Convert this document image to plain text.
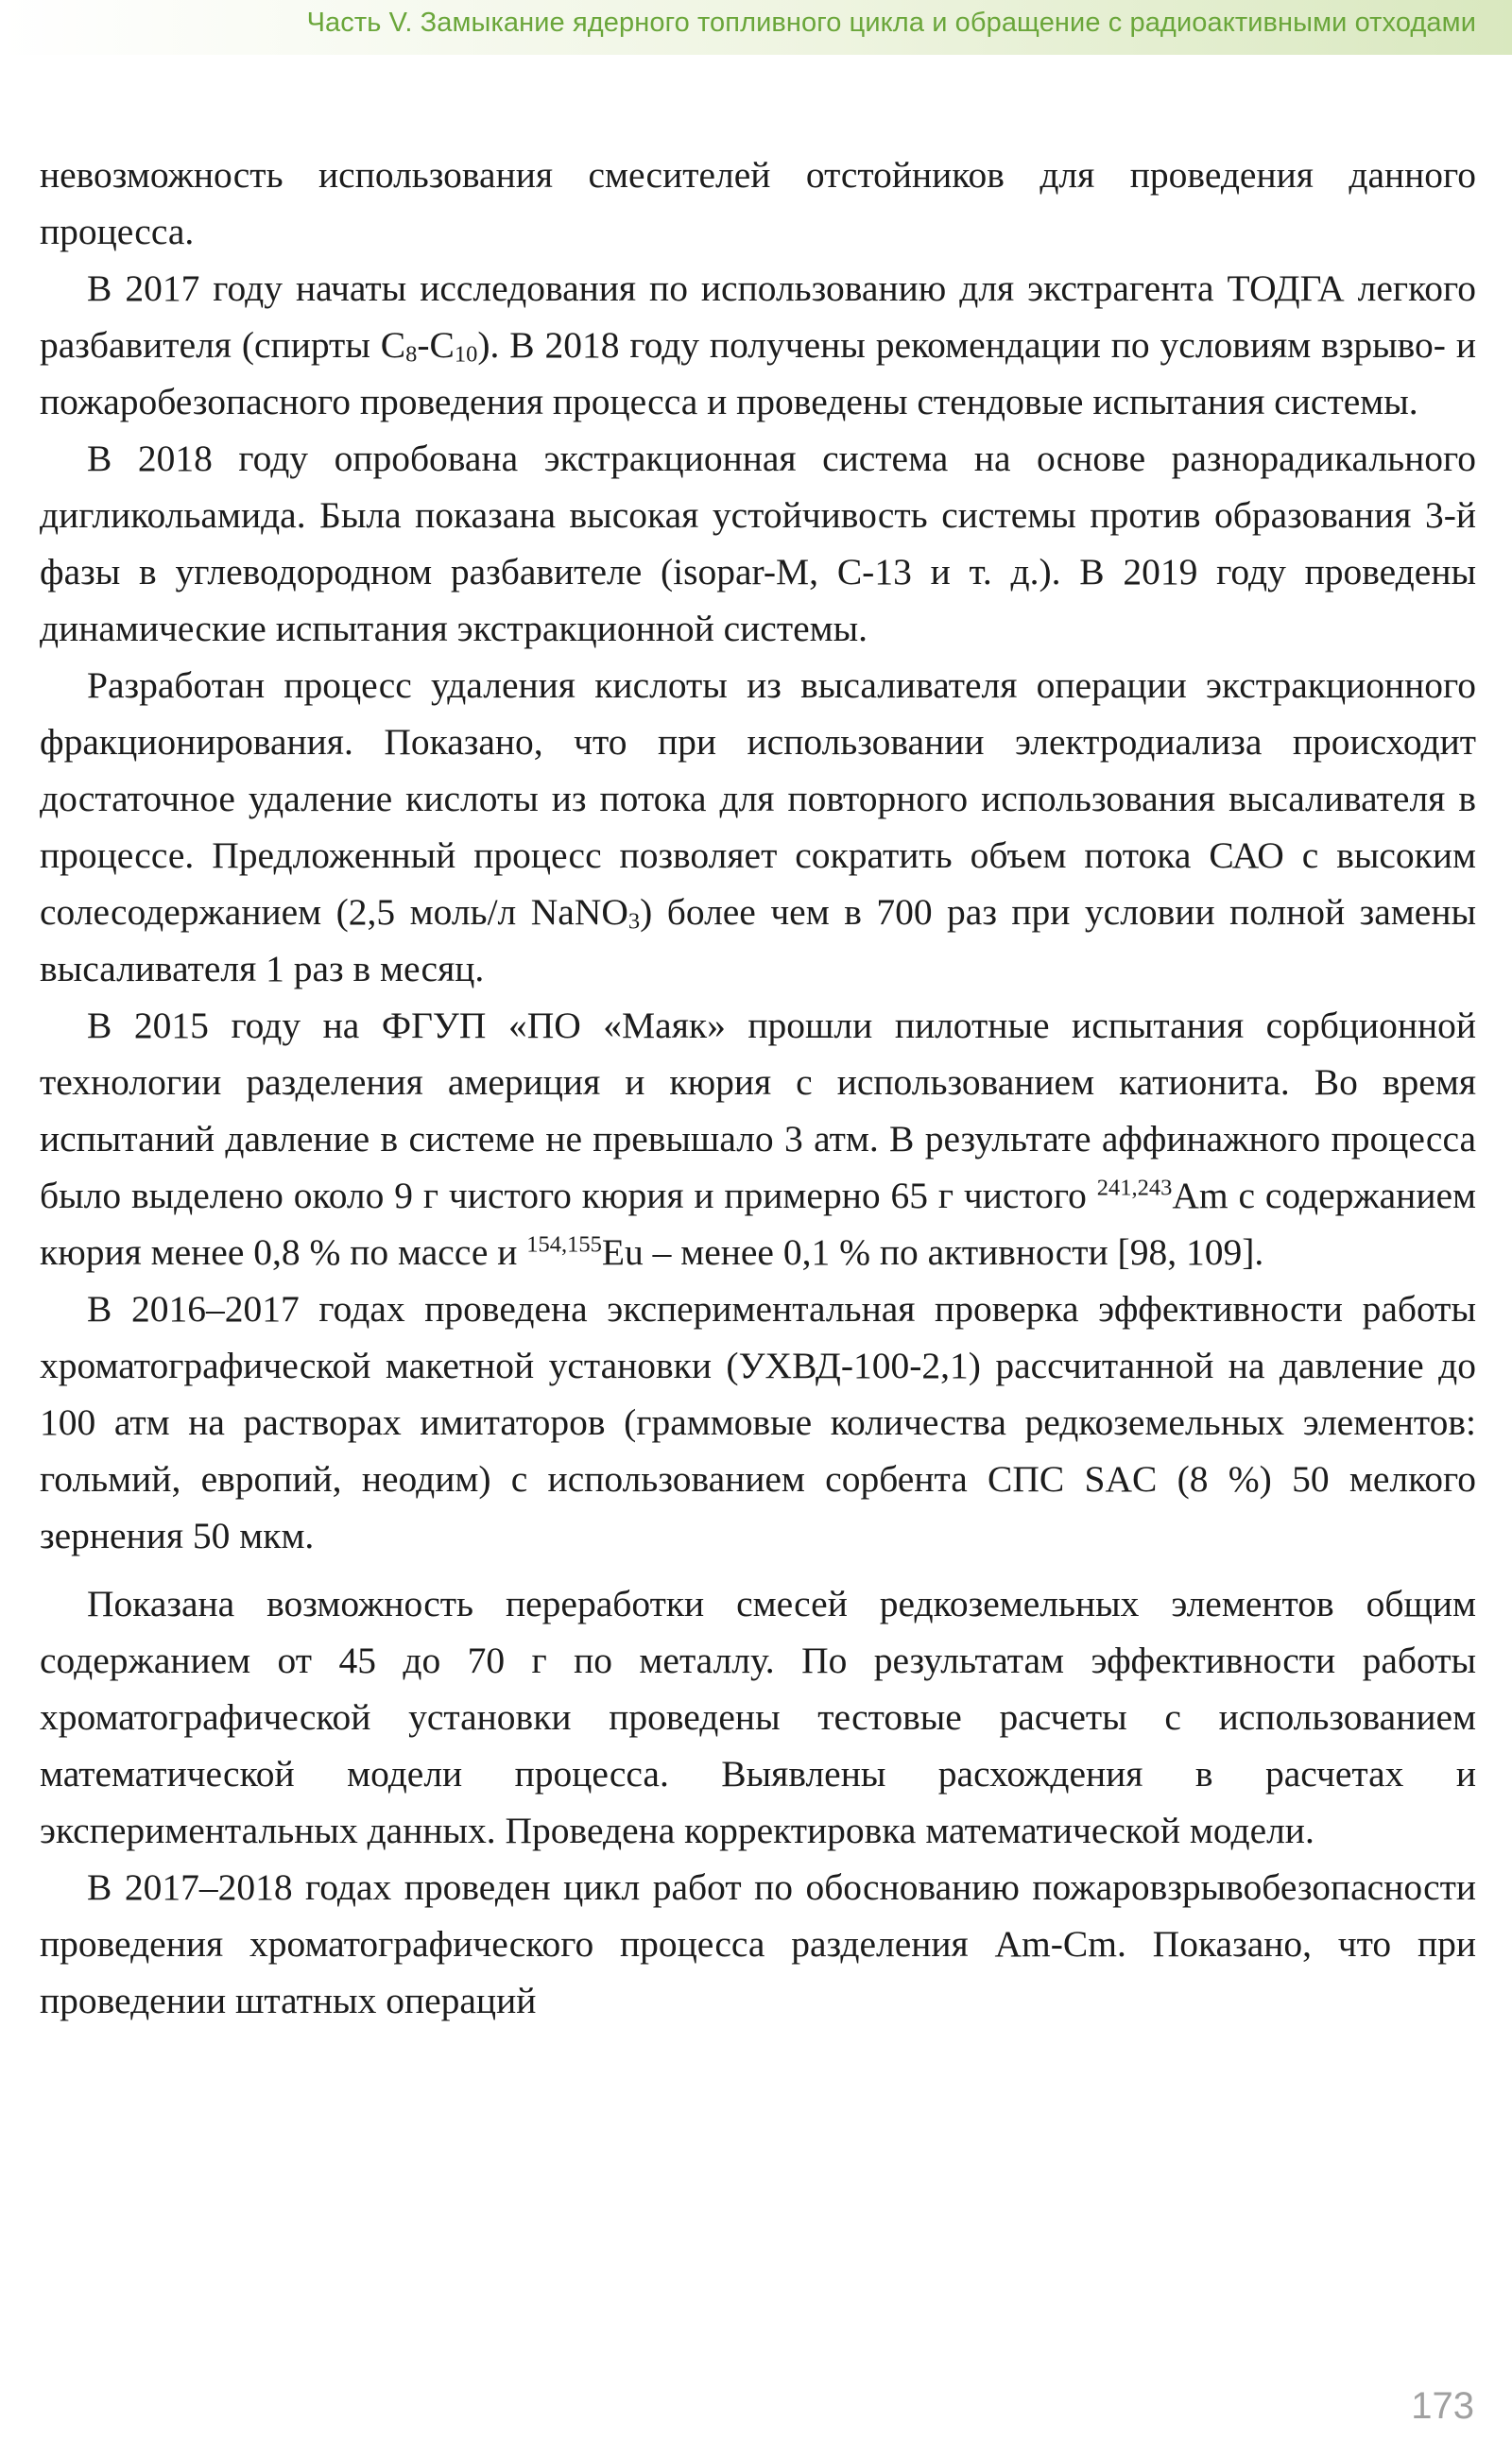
Часть V. Замыкание ядерного топливного цикла и обращение с радиоактивными отходами

невозможность использования смесителей отстойников для проведения данного процесса.

В 2017 году начаты исследования по использованию для экстрагента ТОДГА легкого разбавителя (спирты $C_8-C_{10}$). В 2018 году получены рекомендации по условиям взрыво- и пожаробезопасного проведения процесса и проведены стендовые испытания системы.

В 2018 году опробована экстракционная система на основе разнорадикального дигликольамида. Была показана высокая устойчивость системы против образования 3-й фазы в углеводородном разбавителе (isopar-M, C-13 и т. д.). В 2019 году проведены динамические испытания экстракционной системы.

Разработан процесс удаления кислоты из высаливателя операции экстракционного фракционирования. Показано, что при использовании электродиализа происходит достаточное удаление кислоты из потока для повторного использования высаливателя в процессе. Предложенный процесс позволяет сократить объем потока САО с высоким солесодержанием (2,5 моль/л NaNO$_3$) более чем в 700 раз при условии полной замены высаливателя 1 раз в месяц.

В 2015 году на ФГУП «ПО «Маяк» прошли пилотные испытания сорбционной технологии разделения америция и кюрия с использованием катионита. Во время испытаний давление в системе не превышало 3 атм. В результате аффинажного процесса было выделено около 9 г чистого кюрия и примерно 65 г чистого $^{241,243}$Am с содержанием кюрия менее 0,8 % по массе и $^{154,155}$Eu – менее 0,1 % по активности [98, 109].

В 2016–2017 годах проведена экспериментальная проверка эффективности работы хроматографической макетной установки (УХВД-100-2,1) рассчитанной на давление до 100 атм на растворах имитаторов (граммовые количества редкоземельных элементов: гольмий, европий, неодим) с использованием сорбента СПС SAC (8 %) 50 мелкого зернения 50 мкм.

Показана возможность переработки смесей редкоземельных элементов общим содержанием от 45 до 70 г по металлу. По результатам эффективности работы хроматографической установки проведены тестовые расчеты с использованием математической модели процесса. Выявлены расхождения в расчетах и экспериментальных данных. Проведена корректировка математической модели.

В 2017–2018 годах проведен цикл работ по обоснованию пожаровзрывобезопасности проведения хроматографического процесса разделения Am-Cm. Показано, что при проведении штатных операций

173
